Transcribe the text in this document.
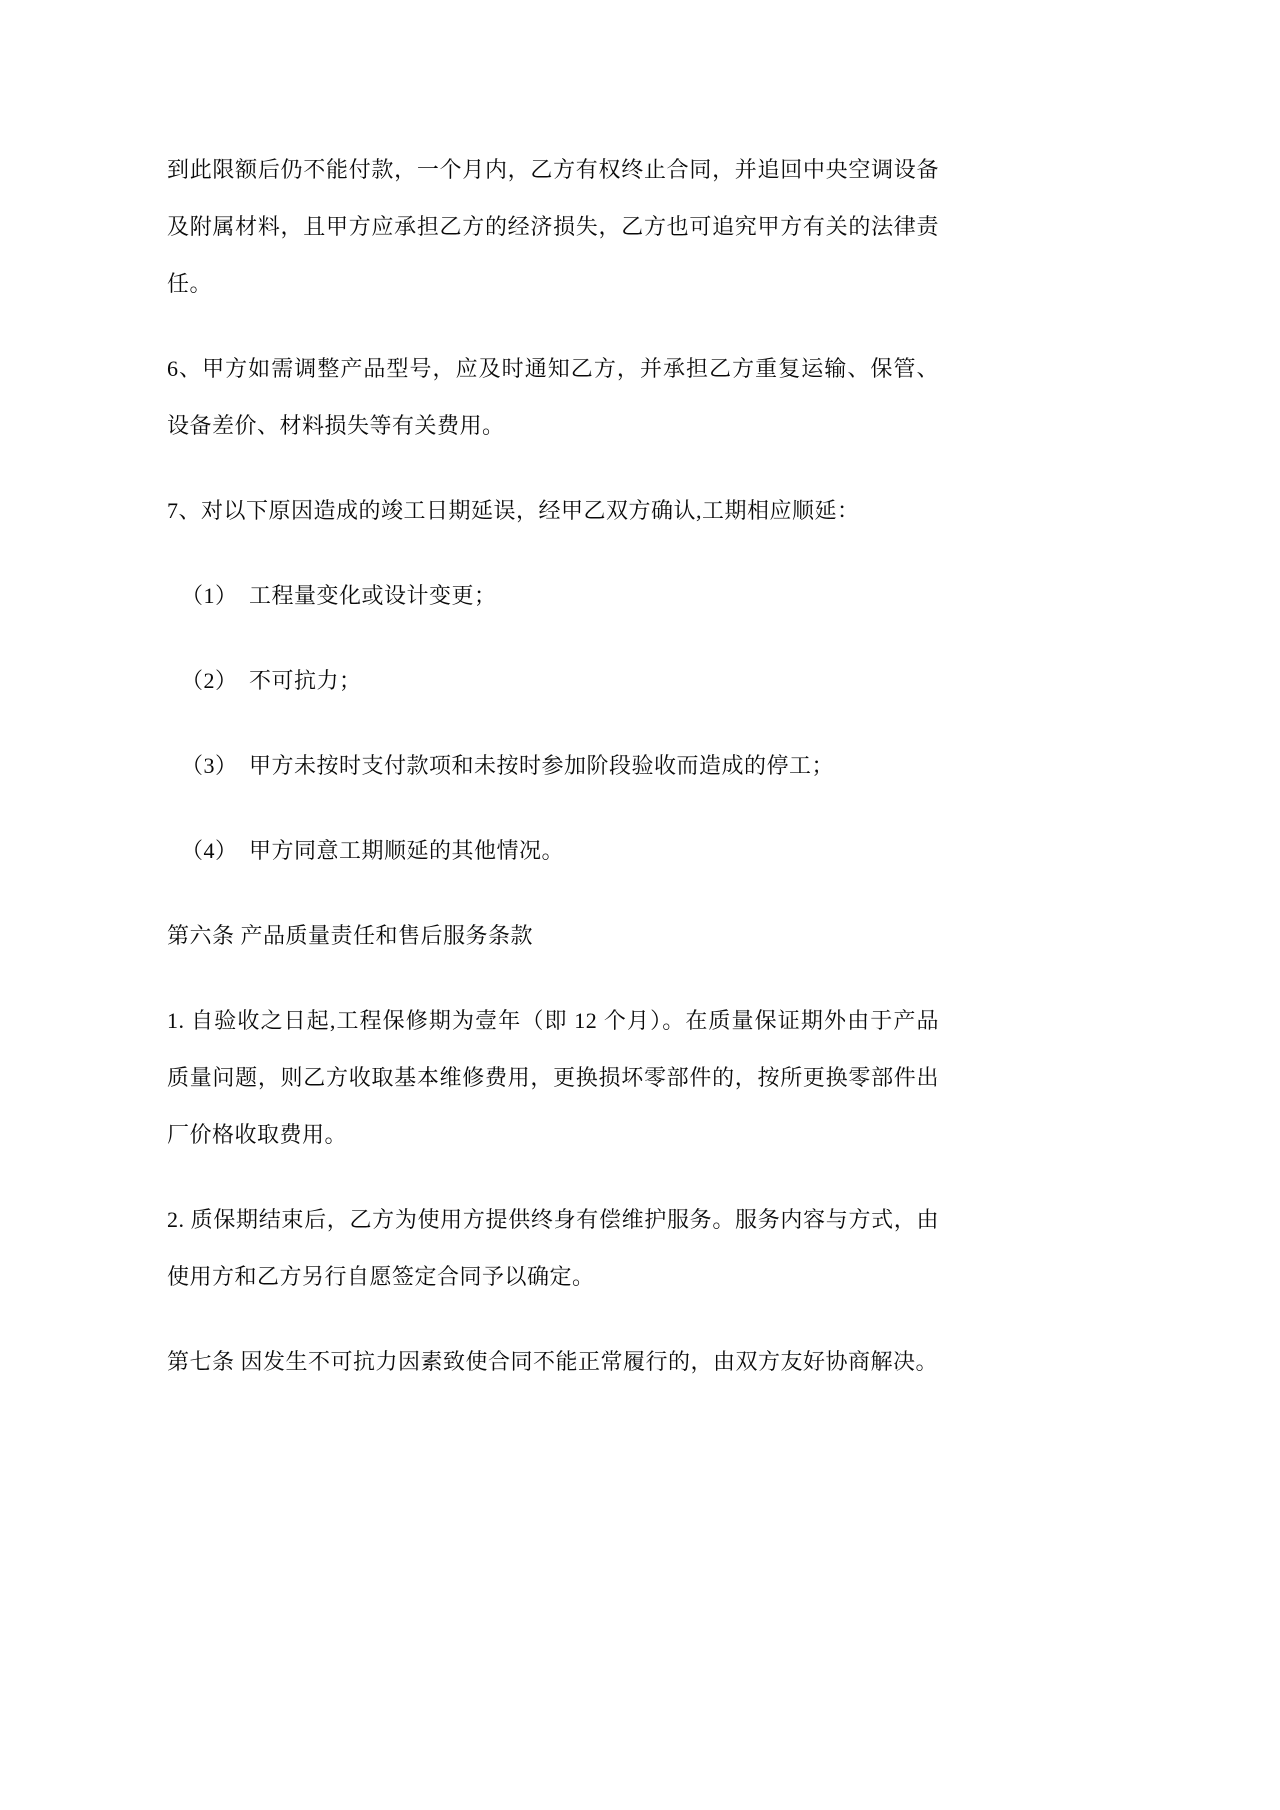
到此限额后仍不能付款，一个月内，乙方有权终止合同，并追回中央空调设备及附属材料，且甲方应承担乙方的经济损失，乙方也可追究甲方有关的法律责任。

6、甲方如需调整产品型号，应及时通知乙方，并承担乙方重复运输、保管、设备差价、材料损失等有关费用。

7、对以下原因造成的竣工日期延误，经甲乙双方确认,工期相应顺延：

（1）　工程量变化或设计变更；

（2）　不可抗力；

（3）　甲方未按时支付款项和未按时参加阶段验收而造成的停工；

（4）　甲方同意工期顺延的其他情况。

第六条 产品质量责任和售后服务条款

1. 自验收之日起,工程保修期为壹年（即 12 个月）。在质量保证期外由于产品质量问题，则乙方收取基本维修费用，更换损坏零部件的，按所更换零部件出厂价格收取费用。

2. 质保期结束后，乙方为使用方提供终身有偿维护服务。服务内容与方式，由使用方和乙方另行自愿签定合同予以确定。

第七条 因发生不可抗力因素致使合同不能正常履行的，由双方友好协商解决。
